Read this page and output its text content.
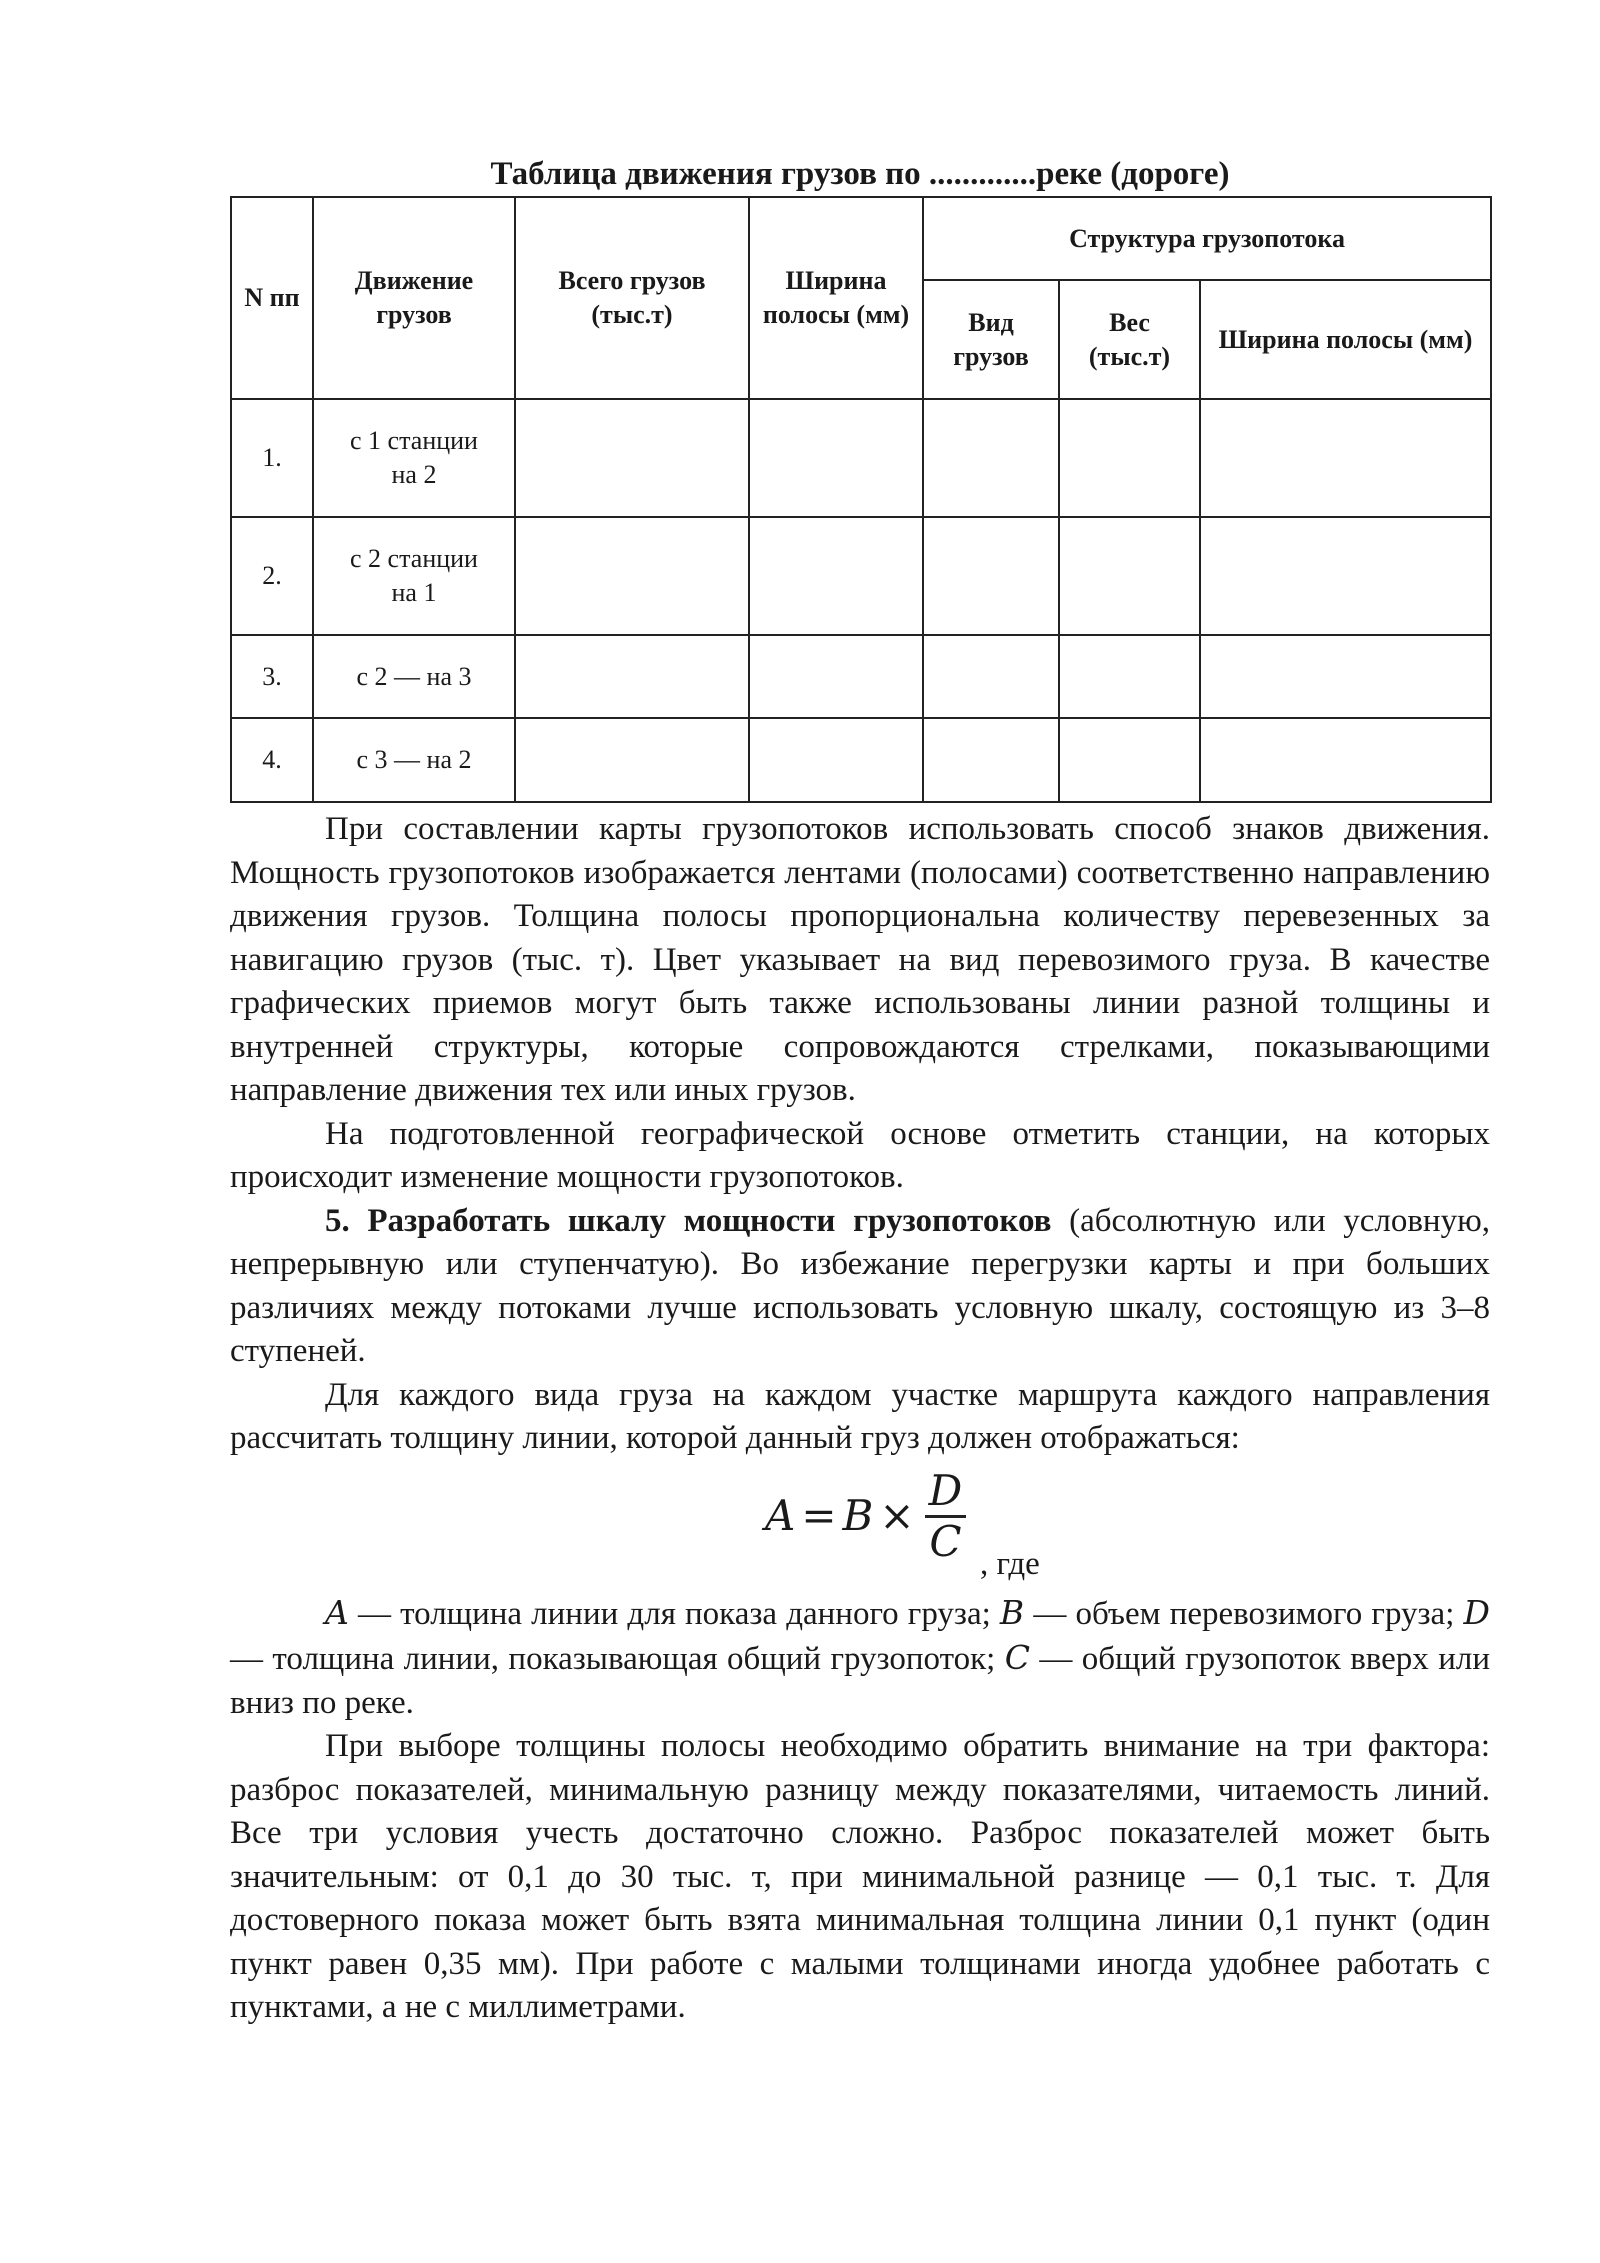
Таблица движения грузов по .............реке (дороге)
N пп	Движение грузов	Всего грузов (тыс.т)	Ширина полосы (мм)	Структура грузопотока		
				Вид грузов	Вес (тыс.т)	Ширина полосы (мм)
1.	с 1 станции
на 2					
2.	с 2 станции
на 1					
3.	с 2 — на 3					
4.	с 3 — на 2					

При составлении карты грузопотоков использовать способ знаков движения. Мощность грузопотоков изображается лентами (полосами) соответственно направлению движения грузов. Толщина полосы пропорциональна количеству перевезенных за навигацию грузов (тыс. т). Цвет указывает на вид перевозимого груза. В качестве графических приемов могут быть также использованы линии разной толщины и внутренней структуры, которые сопровождаются стрелками, показывающими направление движения тех или иных грузов.

На подготовленной географической основе отметить станции, на которых происходит изменение мощности грузопотоков.

5. Разработать шкалу мощности грузопотоков (абсолютную или условную, непрерывную или ступенчатую). Во избежание перегрузки карты и при больших различиях между потоками лучше использовать условную шкалу, состоящую из 3–8 ступеней.

Для каждого вида груза на каждом участке маршрута каждого направления рассчитать толщину линии, которой данный груз должен отображаться:

$A = B \times \frac{D}{C}$ , где

A — толщина линии для показа данного груза; B — объем перевозимого груза; D — толщина линии, показывающая общий грузопоток; C — общий грузопоток вверх или вниз по реке.

При выборе толщины полосы необходимо обратить внимание на три фактора: разброс показателей, минимальную разницу между показателями, читаемость линий. Все три условия учесть достаточно сложно. Разброс показателей может быть значительным: от 0,1 до 30 тыс. т, при минимальной разнице — 0,1 тыс. т. Для достоверного показа может быть взята минимальная толщина линии 0,1 пункт (один пункт равен 0,35 мм). При работе с малыми толщинами иногда удобнее работать с пунктами, а не с миллиметрами.
